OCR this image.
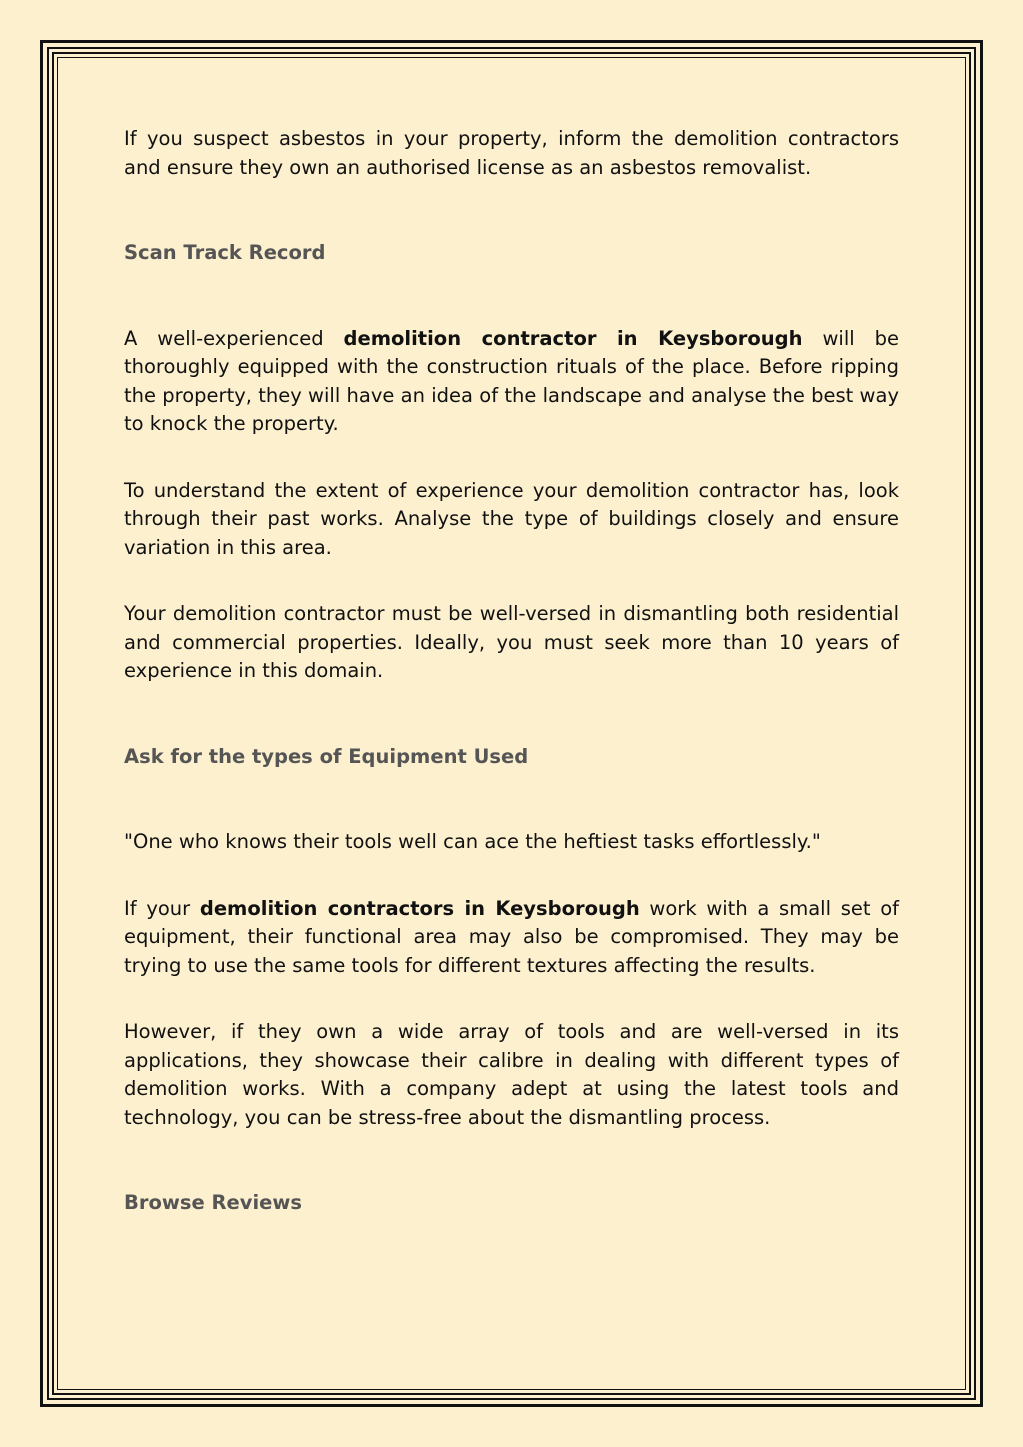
If you suspect asbestos in your property, inform the demolition contractors and ensure they own an authorised license as an asbestos removalist.

Scan Track Record

A well-experienced demolition contractor in Keysborough will be thoroughly equipped with the construction rituals of the place. Before ripping the property, they will have an idea of the landscape and analyse the best way to knock the property.

To understand the extent of experience your demolition contractor has, look through their past works. Analyse the type of buildings closely and ensure variation in this area.

Your demolition contractor must be well-versed in dismantling both residential and commercial properties. Ideally, you must seek more than 10 years of experience in this domain.

Ask for the types of Equipment Used

"One who knows their tools well can ace the heftiest tasks effortlessly."

If your demolition contractors in Keysborough work with a small set of equipment, their functional area may also be compromised. They may be trying to use the same tools for different textures affecting the results.

However, if they own a wide array of tools and are well-versed in its applications, they showcase their calibre in dealing with different types of demolition works. With a company adept at using the latest tools and technology, you can be stress-free about the dismantling process.

Browse Reviews
